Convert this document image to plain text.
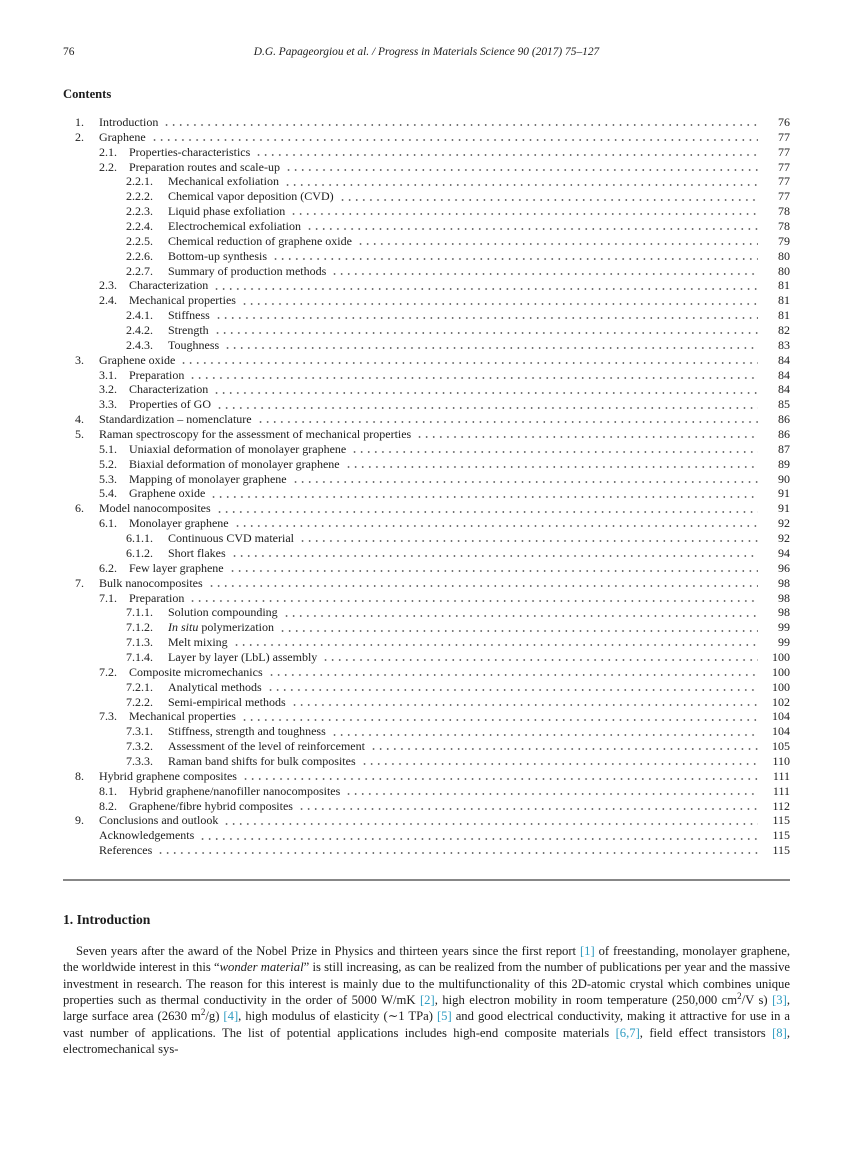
76	D.G. Papageorgiou et al. / Progress in Materials Science 90 (2017) 75–127
Contents
1.	Introduction	76
2.	Graphene	77
2.1.	Properties-characteristics	77
2.2.	Preparation routes and scale-up	77
2.2.1.	Mechanical exfoliation	77
2.2.2.	Chemical vapor deposition (CVD)	77
2.2.3.	Liquid phase exfoliation	78
2.2.4.	Electrochemical exfoliation	78
2.2.5.	Chemical reduction of graphene oxide	79
2.2.6.	Bottom-up synthesis	80
2.2.7.	Summary of production methods	80
2.3.	Characterization	81
2.4.	Mechanical properties	81
2.4.1.	Stiffness	81
2.4.2.	Strength	82
2.4.3.	Toughness	83
3.	Graphene oxide	84
3.1.	Preparation	84
3.2.	Characterization	84
3.3.	Properties of GO	85
4.	Standardization – nomenclature	86
5.	Raman spectroscopy for the assessment of mechanical properties	86
5.1.	Uniaxial deformation of monolayer graphene	87
5.2.	Biaxial deformation of monolayer graphene	89
5.3.	Mapping of monolayer graphene	90
5.4.	Graphene oxide	91
6.	Model nanocomposites	91
6.1.	Monolayer graphene	92
6.1.1.	Continuous CVD material	92
6.1.2.	Short flakes	94
6.2.	Few layer graphene	96
7.	Bulk nanocomposites	98
7.1.	Preparation	98
7.1.1.	Solution compounding	98
7.1.2.	In situ polymerization	99
7.1.3.	Melt mixing	99
7.1.4.	Layer by layer (LbL) assembly	100
7.2.	Composite micromechanics	100
7.2.1.	Analytical methods	100
7.2.2.	Semi-empirical methods	102
7.3.	Mechanical properties	104
7.3.1.	Stiffness, strength and toughness	104
7.3.2.	Assessment of the level of reinforcement	105
7.3.3.	Raman band shifts for bulk composites	110
8.	Hybrid graphene composites	111
8.1.	Hybrid graphene/nanofiller nanocomposites	111
8.2.	Graphene/fibre hybrid composites	112
9.	Conclusions and outlook	115
Acknowledgements	115
References	115
1. Introduction

Seven years after the award of the Nobel Prize in Physics and thirteen years since the first report [1] of freestanding, monolayer graphene, the worldwide interest in this “wonder material” is still increasing, as can be realized from the number of publications per year and the massive investment in research. The reason for this interest is mainly due to the multifunctionality of this 2D-atomic crystal which combines unique properties such as thermal conductivity in the order of 5000 W/mK [2], high electron mobility in room temperature (250,000 $cm^2/V$ s) [3], large surface area (2630 $m^2/g$) [4], high modulus of elasticity (∼1 TPa) [5] and good electrical conductivity, making it attractive for use in a vast number of applications. The list of potential applications includes high-end composite materials [6,7], field effect transistors [8], electromechanical sys-
